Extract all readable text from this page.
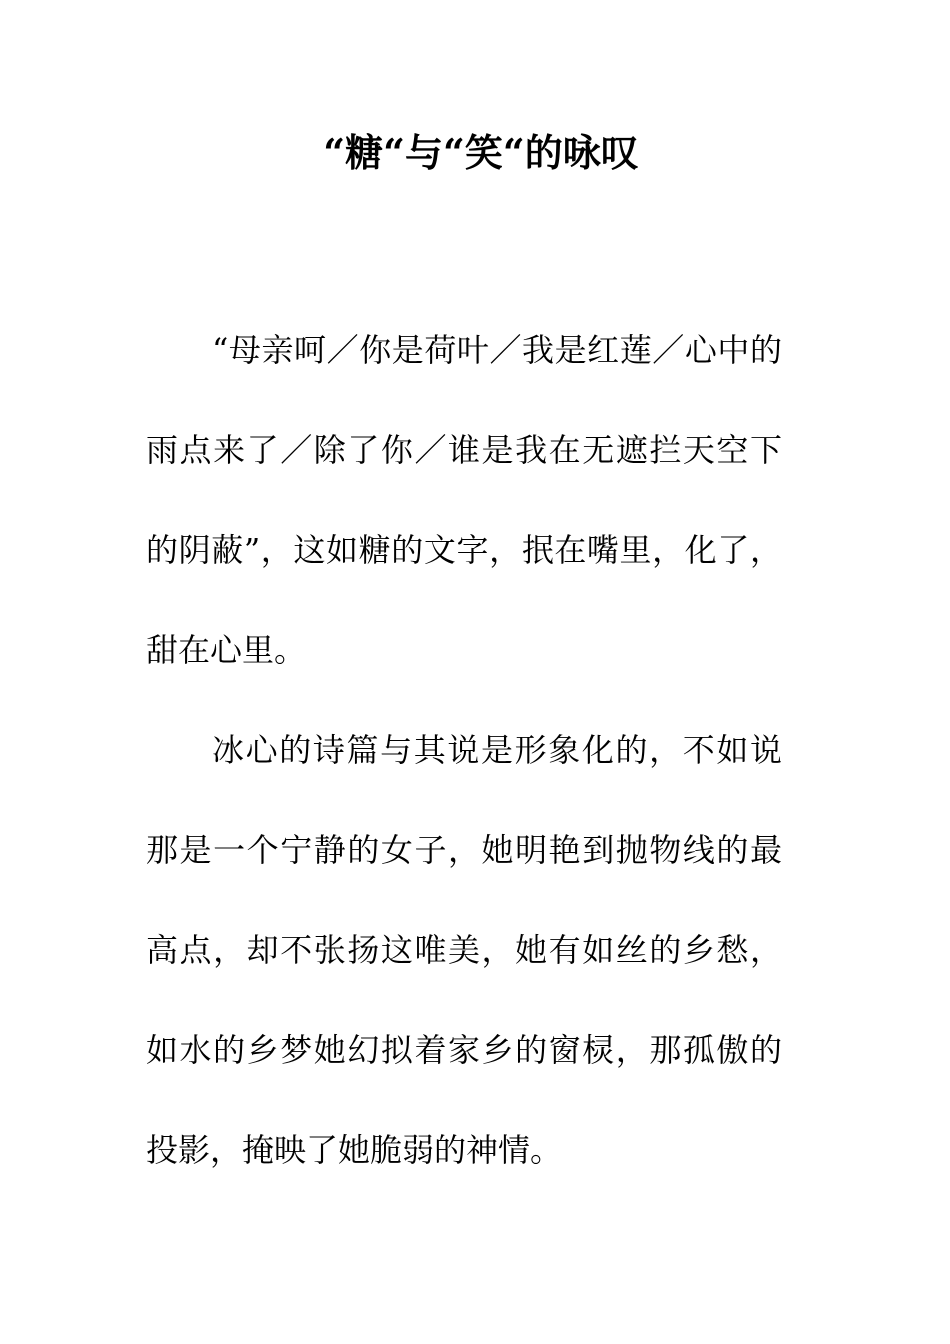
“糖“与“笑“的咏叹

“母亲呵／你是荷叶／我是红莲／心中的雨点来了／除了你／谁是我在无遮拦天空下的阴蔽”，这如糖的文字，抿在嘴里，化了，甜在心里。

冰心的诗篇与其说是形象化的，不如说那是一个宁静的女子，她明艳到抛物线的最高点，却不张扬这唯美，她有如丝的乡愁，如水的乡梦她幻拟着家乡的窗棂，那孤傲的投影，掩映了她脆弱的神情。
